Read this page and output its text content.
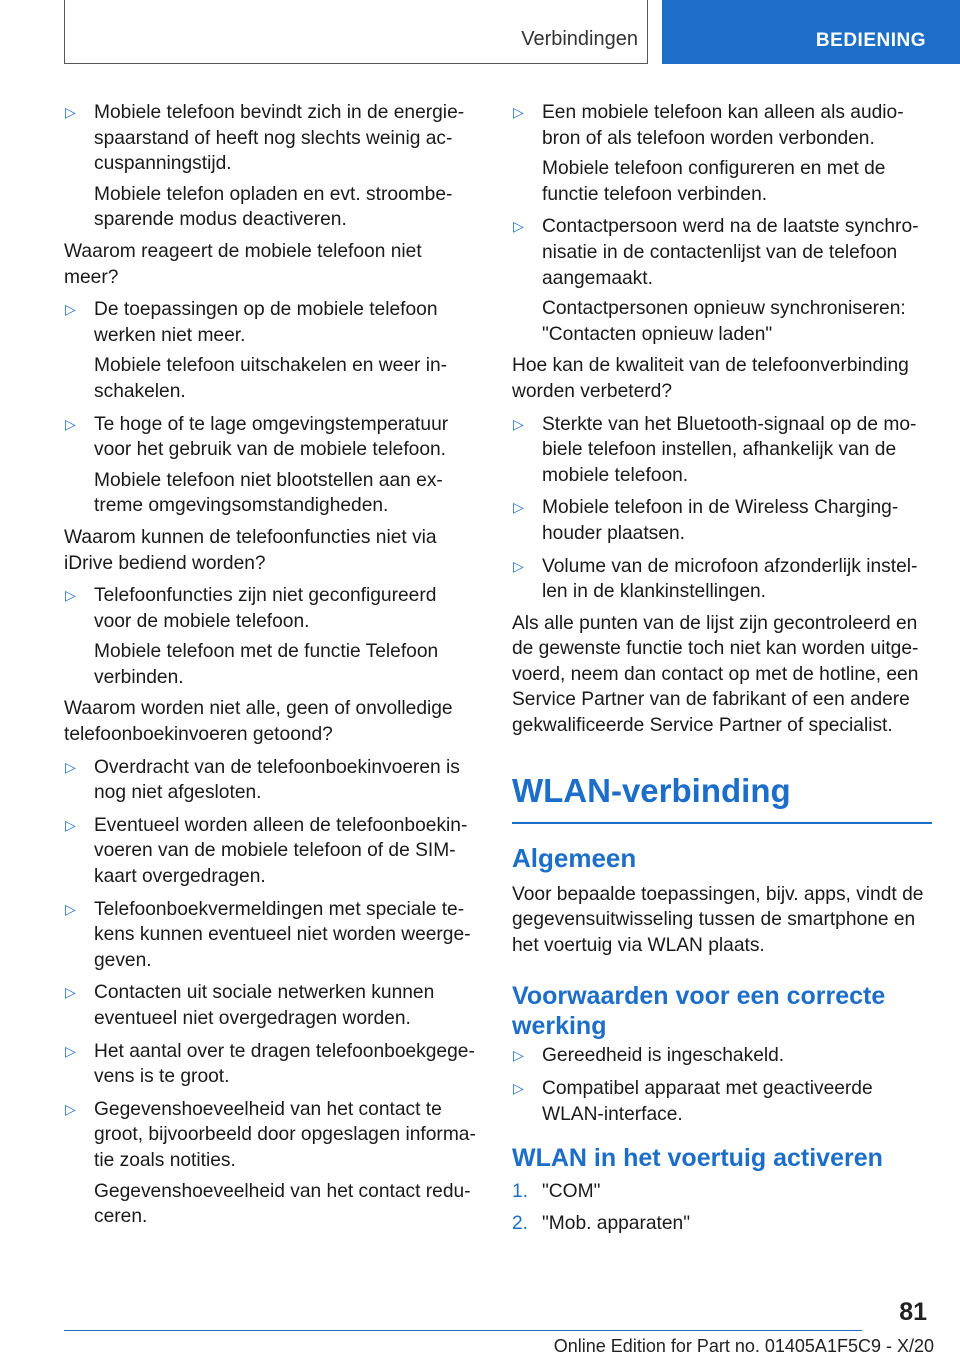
Verbindingen	BEDIENING
▷ Mobiele telefoon bevindt zich in de energiespaarstand of heeft nog slechts weinig accuspanningstijd.

Mobiele telefon opladen en evt. stroombesparende modus deactiveren.

Waarom reageert de mobiele telefoon niet meer?

▷ De toepassingen op de mobiele telefoon werken niet meer.

Mobiele telefoon uitschakelen en weer inschakelen.

▷ Te hoge of te lage omgevingstemperatuur voor het gebruik van de mobiele telefoon.

Mobiele telefoon niet blootstellen aan extreme omgevingsomstandigheden.

Waarom kunnen de telefoonfuncties niet via iDrive bediend worden?

▷ Telefoonfuncties zijn niet geconfigureerd voor de mobiele telefoon.

Mobiele telefoon met de functie Telefoon verbinden.

Waarom worden niet alle, geen of onvolledige telefoonboekinvoeren getoond?

▷ Overdracht van de telefoonboekinvoeren is nog niet afgesloten.

▷ Eventueel worden alleen de telefoonboekinvoeren van de mobiele telefoon of de SIM-kaart overgedragen.

▷ Telefoonboekvermeldingen met speciale tekens kunnen eventueel niet worden weergegeven.

▷ Contacten uit sociale netwerken kunnen eventueel niet overgedragen worden.

▷ Het aantal over te dragen telefoonboekgegevens is te groot.

▷ Gegevenshoeveelheid van het contact te groot, bijvoorbeeld door opgeslagen informatie zoals notities.

Gegevenshoeveelheid van het contact reduceren.

▷ Een mobiele telefoon kan alleen als audiobron of als telefoon worden verbonden.

Mobiele telefoon configureren en met de functie telefoon verbinden.

▷ Contactpersoon werd na de laatste synchronisatie in de contactenlijst van de telefoon aangemaakt.

Contactpersonen opnieuw synchroniseren: "Contacten opnieuw laden"

Hoe kan de kwaliteit van de telefoonverbinding worden verbeterd?

▷ Sterkte van het Bluetooth-signaal op de mobiele telefoon instellen, afhankelijk van de mobiele telefoon.

▷ Mobiele telefoon in de Wireless Charging-houder plaatsen.

▷ Volume van de microfoon afzonderlijk instellen in de klankinstellingen.

Als alle punten van de lijst zijn gecontroleerd en de gewenste functie toch niet kan worden uitgevoerd, neem dan contact op met de hotline, een Service Partner van de fabrikant of een andere gekwalificeerde Service Partner of specialist.

WLAN-verbinding
Algemeen

Voor bepaalde toepassingen, bijv. apps, vindt de gegevensuitwisseling tussen de smartphone en het voertuig via WLAN plaats.

Voorwaarden voor een correcte werking
▷ Gereedheid is ingeschakeld.

▷ Compatibel apparaat met geactiveerde WLAN-interface.

WLAN in het voertuig activeren
1. "COM"
2. "Mob. apparaten"
81
Online Edition for Part no. 01405A1F5C9 - X/20
